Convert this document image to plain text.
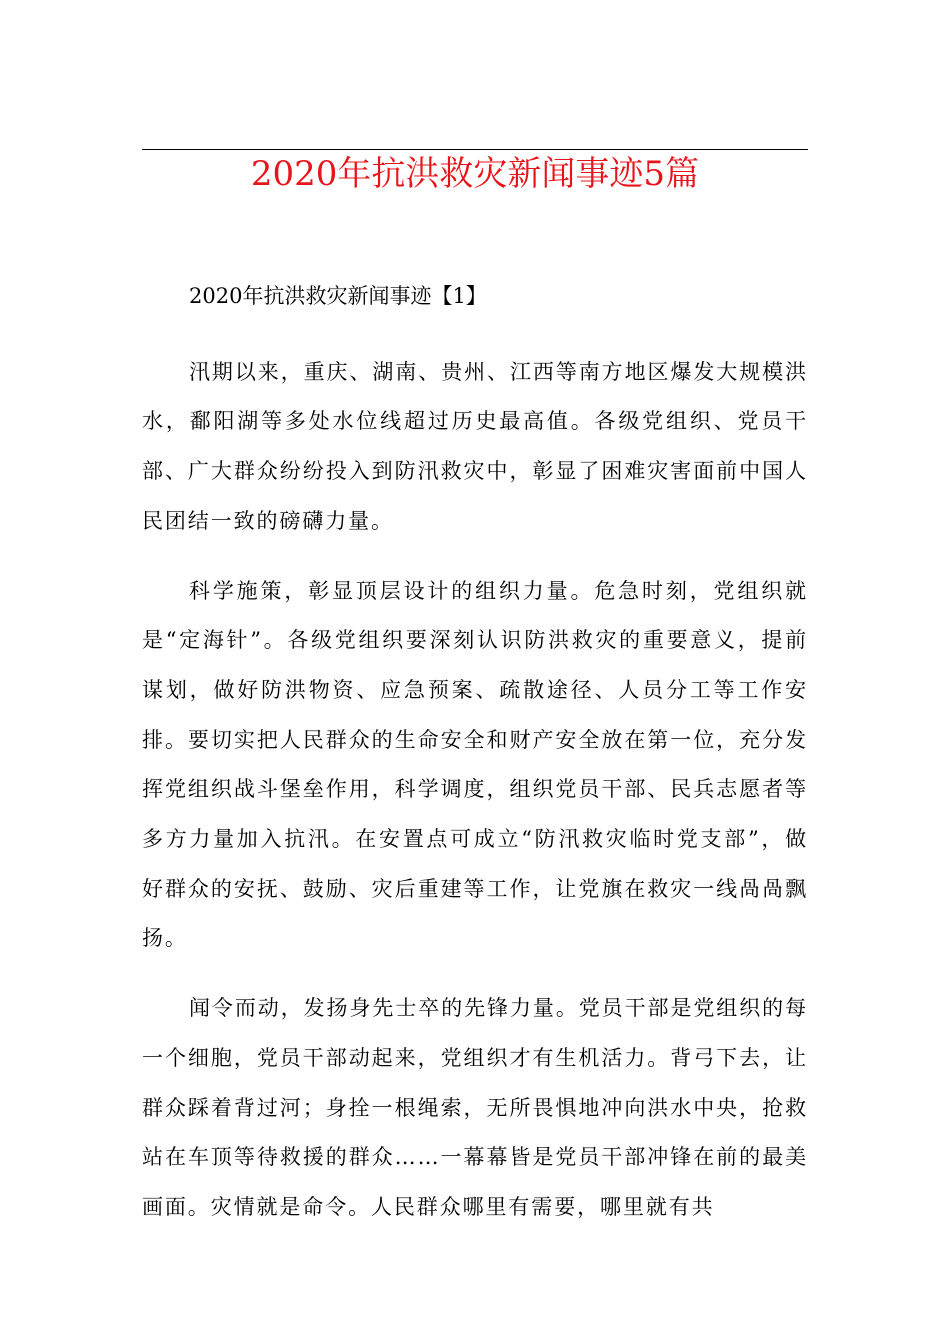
2020年抗洪救灾新闻事迹5篇

2020年抗洪救灾新闻事迹【1】

汛期以来，重庆、湖南、贵州、江西等南方地区爆发大规模洪水，鄱阳湖等多处水位线超过历史最高值。各级党组织、党员干部、广大群众纷纷投入到防汛救灾中，彰显了困难灾害面前中国人民团结一致的磅礴力量。

科学施策，彰显顶层设计的组织力量。危急时刻，党组织就是“定海针”。各级党组织要深刻认识防洪救灾的重要意义，提前谋划，做好防洪物资、应急预案、疏散途径、人员分工等工作安排。要切实把人民群众的生命安全和财产安全放在第一位，充分发挥党组织战斗堡垒作用，科学调度，组织党员干部、民兵志愿者等多方力量加入抗汛。在安置点可成立“防汛救灾临时党支部”，做好群众的安抚、鼓励、灾后重建等工作，让党旗在救灾一线咼咼飘扬。

闻令而动，发扬身先士卒的先锋力量。党员干部是党组织的每一个细胞，党员干部动起来，党组织才有生机活力。背弓下去，让群众踩着背过河；身拴一根绳索，无所畏惧地冲向洪水中央，抢救站在车顶等待救援的群众……一幕幕皆是党员干部冲锋在前的最美画面。灾情就是命令。人民群众哪里有需要，哪里就有共
